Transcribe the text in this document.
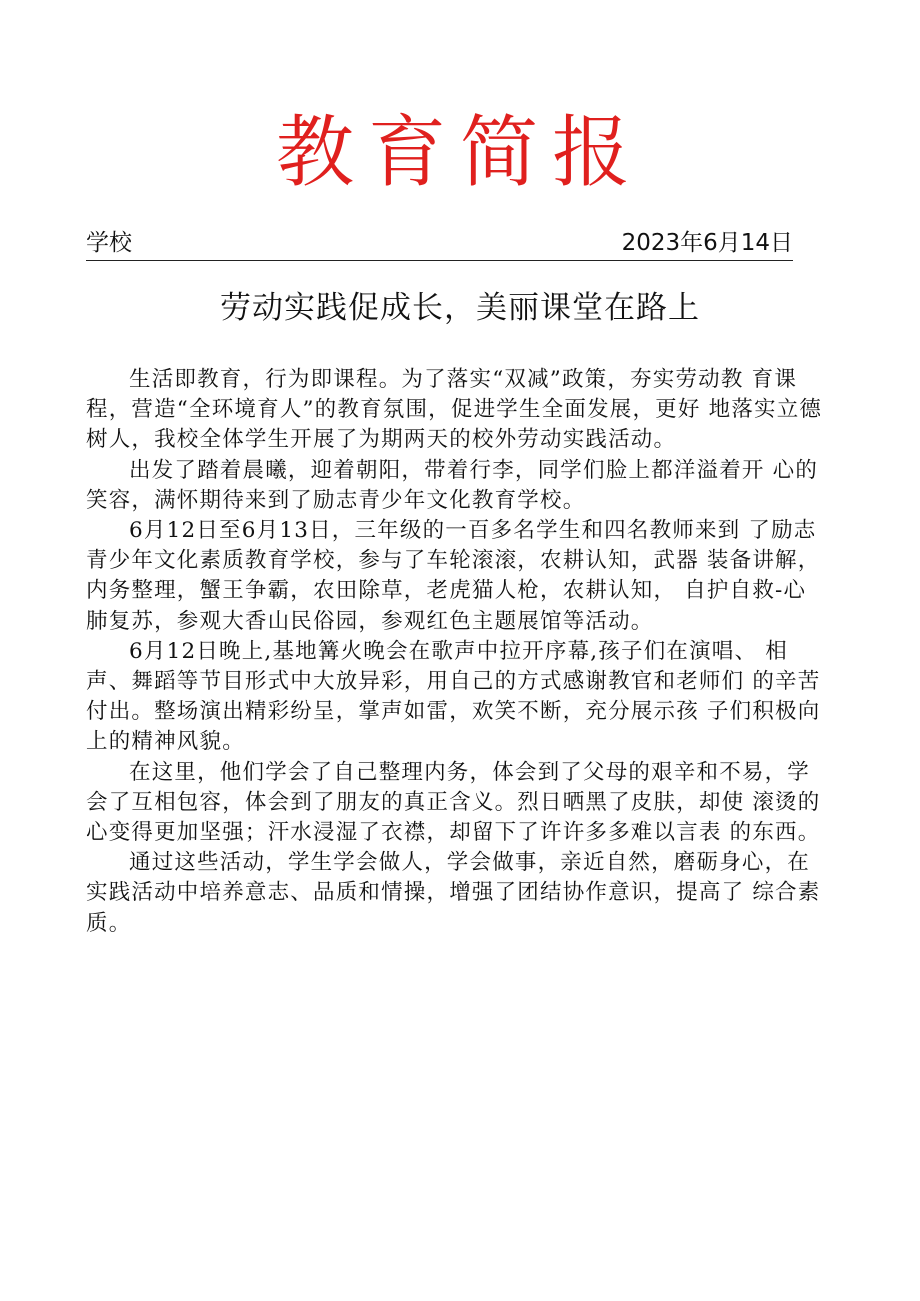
教育简报
学校	2023年6月14日
劳动实践促成长，美丽课堂在路上

生活即教育，行为即课程。为了落实“双减”政策，夯实劳动教 育课程，营造“全环境育人”的教育氛围，促进学生全面发展，更好 地落实立德树人，我校全体学生开展了为期两天的校外劳动实践活动。

出发了踏着晨曦，迎着朝阳，带着行李，同学们脸上都洋溢着开 心的笑容，满怀期待来到了励志青少年文化教育学校。

6月12日至6月13日，三年级的一百多名学生和四名教师来到 了励志青少年文化素质教育学校，参与了车轮滚滚，农耕认知，武器 装备讲解，内务整理，蟹王争霸，农田除草，老虎猫人枪，农耕认知， 自护自救-心肺复苏，参观大香山民俗园，参观红色主题展馆等活动。

6月12日晚上,基地篝火晚会在歌声中拉开序幕,孩子们在演唱、 相声、舞蹈等节目形式中大放异彩，用自己的方式感谢教官和老师们 的辛苦付出。整场演出精彩纷呈，掌声如雷，欢笑不断，充分展示孩 子们积极向上的精神风貌。

在这里，他们学会了自己整理内务，体会到了父母的艰辛和不易，学会了互相包容，体会到了朋友的真正含义。烈日晒黑了皮肤，却使 滚烫的心变得更加坚强；汗水浸湿了衣襟，却留下了许许多多难以言表 的东西。

通过这些活动，学生学会做人，学会做事，亲近自然，磨砺身心，在实践活动中培养意志、品质和情操，增强了团结协作意识，提高了 综合素质。
